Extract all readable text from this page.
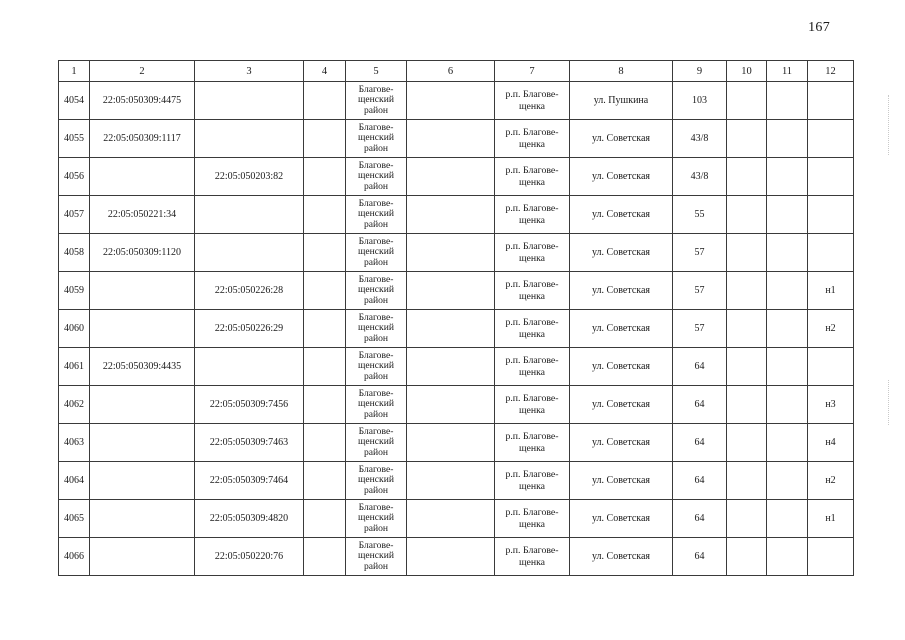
167
1	2	3	4	5	6	7	8	9	10	11	12
4054	22:05:050309:4475			Благове-
щенский
район		р.п. Благове-
щенка	ул. Пушкина	103			
4055	22:05:050309:1117			Благове-
щенский
район		р.п. Благове-
щенка	ул. Советская	43/8			
4056		22:05:050203:82		Благове-
щенский
район		р.п. Благове-
щенка	ул. Советская	43/8			
4057	22:05:050221:34			Благове-
щенский
район		р.п. Благове-
щенка	ул. Советская	55			
4058	22:05:050309:1120			Благове-
щенский
район		р.п. Благове-
щенка	ул. Советская	57			
4059		22:05:050226:28		Благове-
щенский
район		р.п. Благове-
щенка	ул. Советская	57			н1
4060		22:05:050226:29		Благове-
щенский
район		р.п. Благове-
щенка	ул. Советская	57			н2
4061	22:05:050309:4435			Благове-
щенский
район		р.п. Благове-
щенка	ул. Советская	64			
4062		22:05:050309:7456		Благове-
щенский
район		р.п. Благове-
щенка	ул. Советская	64			н3
4063		22:05:050309:7463		Благове-
щенский
район		р.п. Благове-
щенка	ул. Советская	64			н4
4064		22:05:050309:7464		Благове-
щенский
район		р.п. Благове-
щенка	ул. Советская	64			н2
4065		22:05:050309:4820		Благове-
щенский
район		р.п. Благове-
щенка	ул. Советская	64			н1
4066		22:05:050220:76		Благове-
щенский
район		р.п. Благове-
щенка	ул. Советская	64			
